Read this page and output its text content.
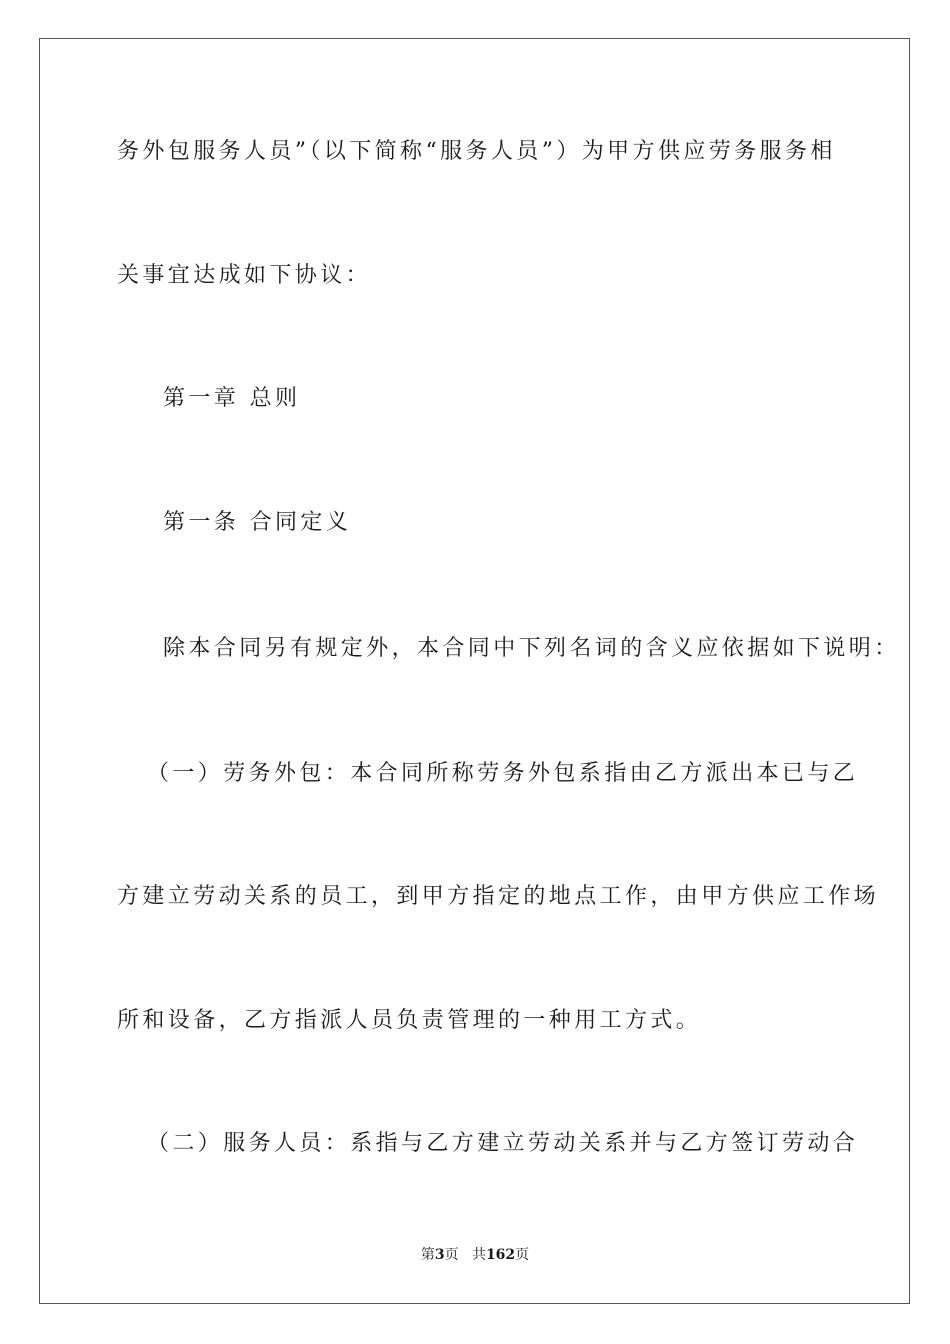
务外包服务人员”（以下简称“服务人员”）为甲方供应劳务服务相
关事宜达成如下协议：
第一章 总则
第一条 合同定义
除本合同另有规定外，本合同中下列名词的含义应依据如下说明：
（一）劳务外包：本合同所称劳务外包系指由乙方派出本已与乙
方建立劳动关系的员工，到甲方指定的地点工作，由甲方供应工作场
所和设备，乙方指派人员负责管理的一种用工方式。
（二）服务人员：系指与乙方建立劳动关系并与乙方签订劳动合
第3页 共162页
